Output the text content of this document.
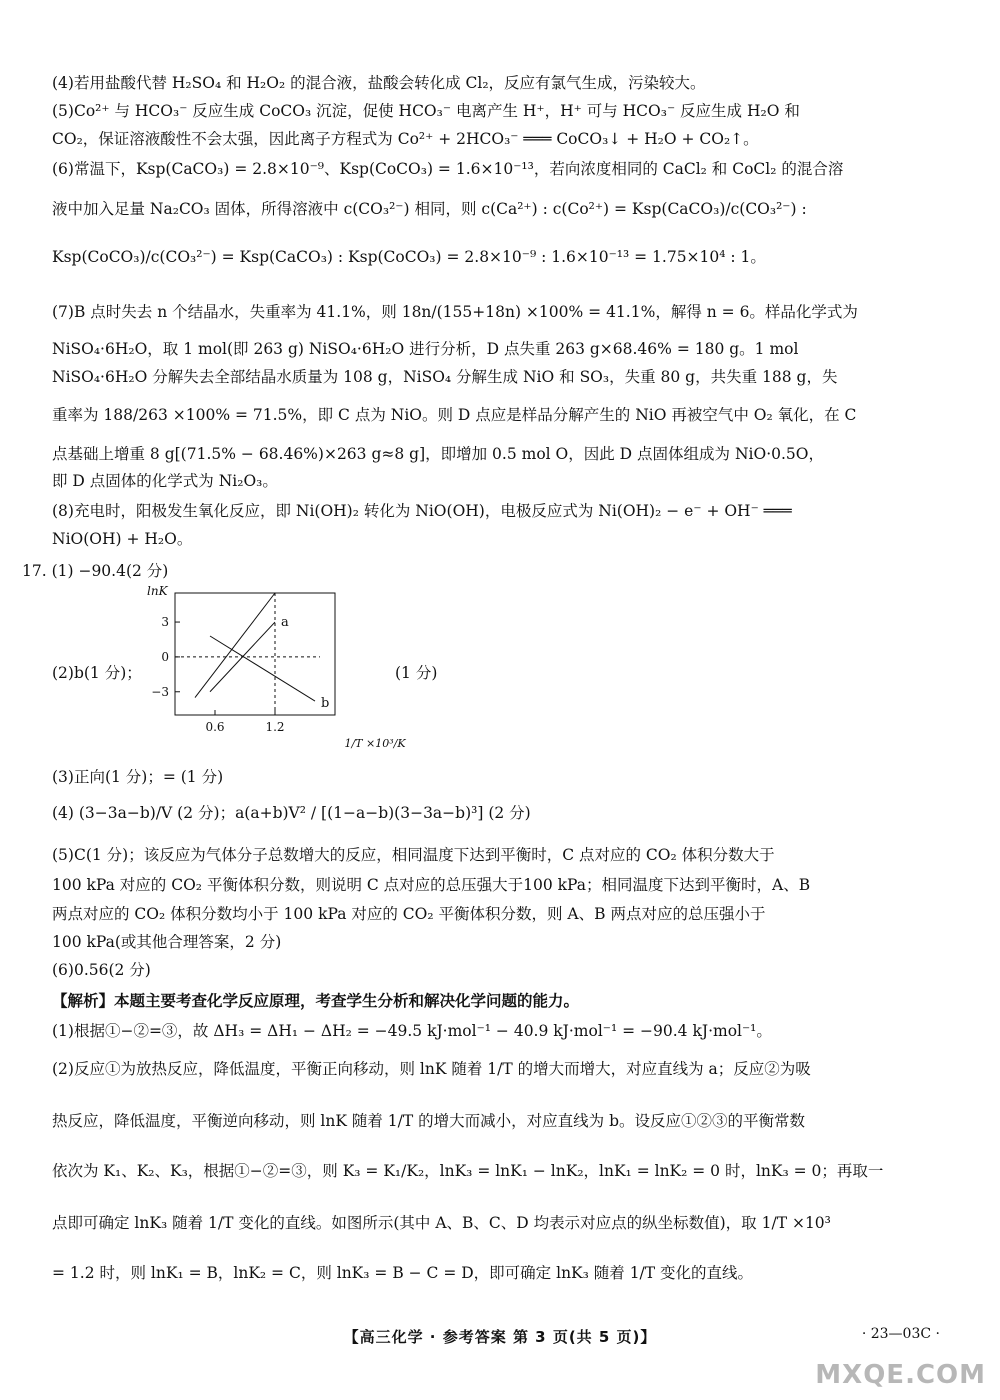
(4)若用盐酸代替 H₂SO₄ 和 H₂O₂ 的混合液，盐酸会转化成 Cl₂，反应有氯气生成，污染较大。
(5)Co²⁺ 与 HCO₃⁻ 反应生成 CoCO₃ 沉淀，促使 HCO₃⁻ 电离产生 H⁺，H⁺ 可与 HCO₃⁻ 反应生成 H₂O 和
CO₂，保证溶液酸性不会太强，因此离子方程式为 Co²⁺ + 2HCO₃⁻ ═══ CoCO₃↓ + H₂O + CO₂↑。
(6)常温下，Ksp(CaCO₃) = 2.8×10⁻⁹、Ksp(CoCO₃) = 1.6×10⁻¹³，若向浓度相同的 CaCl₂ 和 CoCl₂ 的混合溶
液中加入足量 Na₂CO₃ 固体，所得溶液中 c(CO₃²⁻) 相同，则 c(Ca²⁺) : c(Co²⁺) = Ksp(CaCO₃)/c(CO₃²⁻) :
Ksp(CoCO₃)/c(CO₃²⁻) = Ksp(CaCO₃) : Ksp(CoCO₃) = 2.8×10⁻⁹ : 1.6×10⁻¹³ = 1.75×10⁴ : 1。
(7)B 点时失去 n 个结晶水，失重率为 41.1%，则 18n/(155+18n) ×100% = 41.1%，解得 n = 6。样品化学式为
NiSO₄·6H₂O，取 1 mol(即 263 g) NiSO₄·6H₂O 进行分析，D 点失重 263 g×68.46% = 180 g。1 mol
NiSO₄·6H₂O 分解失去全部结晶水质量为 108 g，NiSO₄ 分解生成 NiO 和 SO₃，失重 80 g，共失重 188 g，失
重率为 188/263 ×100% = 71.5%，即 C 点为 NiO。则 D 点应是样品分解产生的 NiO 再被空气中 O₂ 氧化，在 C
点基础上增重 8 g[(71.5% − 68.46%)×263 g≈8 g]，即增加 0.5 mol O，因此 D 点固体组成为 NiO·0.5O，
即 D 点固体的化学式为 Ni₂O₃。
(8)充电时，阳极发生氧化反应，即 Ni(OH)₂ 转化为 NiO(OH)，电极反应式为 Ni(OH)₂ − e⁻ + OH⁻ ═══
NiO(OH) + H₂O。
17. (1) −90.4(2 分)
(2)b(1 分)；	(1 分)
3
0
−3
0.6	1.2
a
b
lnK
1/T ×10³/K
(3)正向(1 分)；= (1 分)
(4) (3−3a−b)/V (2 分)；a(a+b)V² / [(1−a−b)(3−3a−b)³] (2 分)
(5)C(1 分)；该反应为气体分子总数增大的反应，相同温度下达到平衡时，C 点对应的 CO₂ 体积分数大于
100 kPa 对应的 CO₂ 平衡体积分数，则说明 C 点对应的总压强大于100 kPa；相同温度下达到平衡时，A、B
两点对应的 CO₂ 体积分数均小于 100 kPa 对应的 CO₂ 平衡体积分数，则 A、B 两点对应的总压强小于
100 kPa(或其他合理答案，2 分)
(6)0.56(2 分)
【解析】本题主要考查化学反应原理，考查学生分析和解决化学问题的能力。
(1)根据①−②=③，故 ΔH₃ = ΔH₁ − ΔH₂ = −49.5 kJ·mol⁻¹ − 40.9 kJ·mol⁻¹ = −90.4 kJ·mol⁻¹。
(2)反应①为放热反应，降低温度，平衡正向移动，则 lnK 随着 1/T 的增大而增大，对应直线为 a；反应②为吸
热反应，降低温度，平衡逆向移动，则 lnK 随着 1/T 的增大而减小，对应直线为 b。设反应①②③的平衡常数
依次为 K₁、K₂、K₃，根据①−②=③，则 K₃ = K₁/K₂，lnK₃ = lnK₁ − lnK₂，lnK₁ = lnK₂ = 0 时，lnK₃ = 0；再取一
点即可确定 lnK₃ 随着 1/T 变化的直线。如图所示(其中 A、B、C、D 均表示对应点的纵坐标数值)，取 1/T ×10³
= 1.2 时，则 lnK₁ = B，lnK₂ = C，则 lnK₃ = B − C = D，即可确定 lnK₃ 随着 1/T 变化的直线。
【高三化学 · 参考答案 第 3 页(共 5 页)】	· 23—03C ·
MXQE.COM
